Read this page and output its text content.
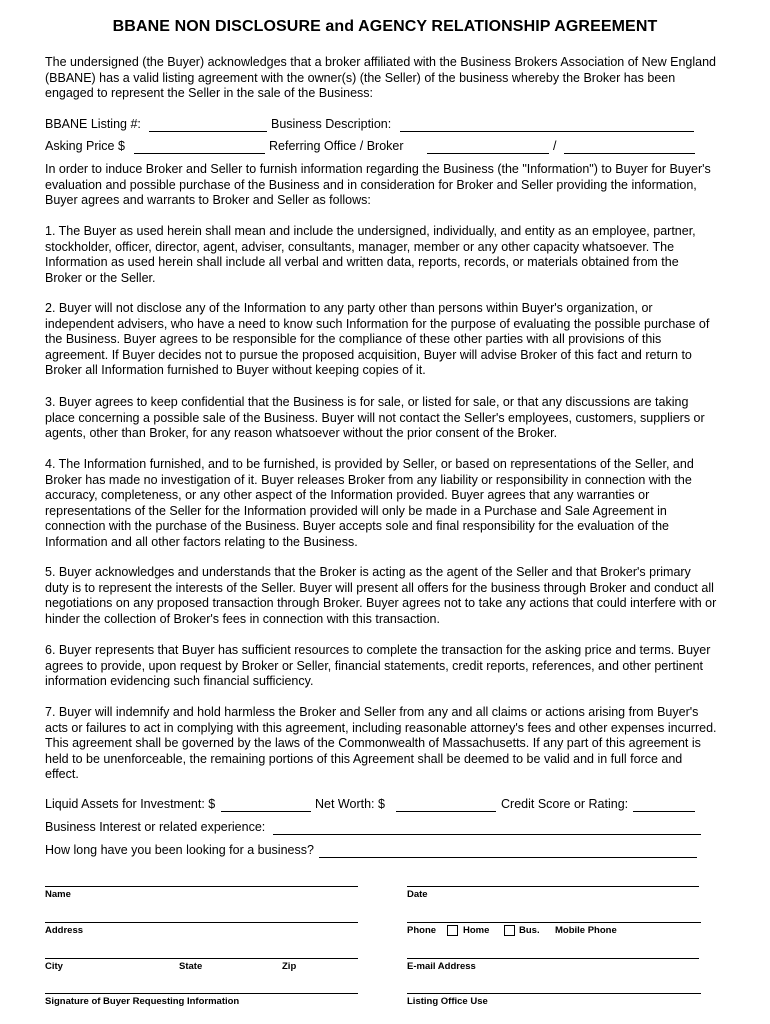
BBANE NON DISCLOSURE and AGENCY RELATIONSHIP AGREEMENT
The undersigned (the Buyer) acknowledges that a broker affiliated with the Business Brokers Association of New England (BBANE) has a valid listing agreement with the owner(s) (the Seller) of the business whereby the Broker has been engaged to represent the Seller in the sale of the Business:
BBANE Listing #:	Business Description:
Asking Price $	Referring Office / Broker	/
In order to induce Broker and Seller to furnish information regarding the Business (the "Information") to Buyer for Buyer's evaluation and possible purchase of the Business and in consideration for Broker and Seller providing the information, Buyer agrees and warrants to Broker and Seller as follows:
1. The Buyer as used herein shall mean and include the undersigned, individually, and entity as an employee, partner, stockholder, officer, director, agent, adviser, consultants, manager, member or any other capacity whatsoever. The Information as used herein shall include all verbal and written data, reports, records, or materials obtained from the Broker or the Seller.
2. Buyer will not disclose any of the Information to any party other than persons within Buyer's organization, or independent advisers, who have a need to know such Information for the purpose of evaluating the possible purchase of the Business. Buyer agrees to be responsible for the compliance of these other parties with all provisions of this agreement. If Buyer decides not to pursue the proposed acquisition, Buyer will advise Broker of this fact and return to Broker all Information furnished to Buyer without keeping copies of it.
3. Buyer agrees to keep confidential that the Business is for sale, or listed for sale, or that any discussions are taking place concerning a possible sale of the Business. Buyer will not contact the Seller's employees, customers, suppliers or agents, other than Broker, for any reason whatsoever without the prior consent of the Broker.
4. The Information furnished, and to be furnished, is provided by Seller, or based on representations of the Seller, and Broker has made no investigation of it. Buyer releases Broker from any liability or responsibility in connection with the accuracy, completeness, or any other aspect of the Information provided. Buyer agrees that any warranties or representations of the Seller for the Information provided will only be made in a Purchase and Sale Agreement in connection with the purchase of the Business. Buyer accepts sole and final responsibility for the evaluation of the Information and all other factors relating to the Business.
5. Buyer acknowledges and understands that the Broker is acting as the agent of the Seller and that Broker's primary duty is to represent the interests of the Seller. Buyer will present all offers for the business through Broker and conduct all negotiations on any proposed transaction through Broker. Buyer agrees not to take any actions that could interfere with or hinder the collection of Broker's fees in connection with this transaction.
6. Buyer represents that Buyer has sufficient resources to complete the transaction for the asking price and terms. Buyer agrees to provide, upon request by Broker or Seller, financial statements, credit reports, references, and other pertinent information evidencing such financial sufficiency.
7. Buyer will indemnify and hold harmless the Broker and Seller from any and all claims or actions arising from Buyer's acts or failures to act in complying with this agreement, including reasonable attorney's fees and other expenses incurred. This agreement shall be governed by the laws of the Commonwealth of Massachusetts. If any part of this agreement is held to be unenforceable, the remaining portions of this Agreement shall be deemed to be valid and in full force and effect.
Liquid Assets for Investment: $	Net Worth: $	Credit Score or Rating:
Business Interest or related experience:
How long have you been looking for a business?
Name	Date
Address	Phone	Home	Bus. Mobile Phone
City	State	Zip	E-mail Address
Signature of Buyer Requesting Information	Listing Office Use
